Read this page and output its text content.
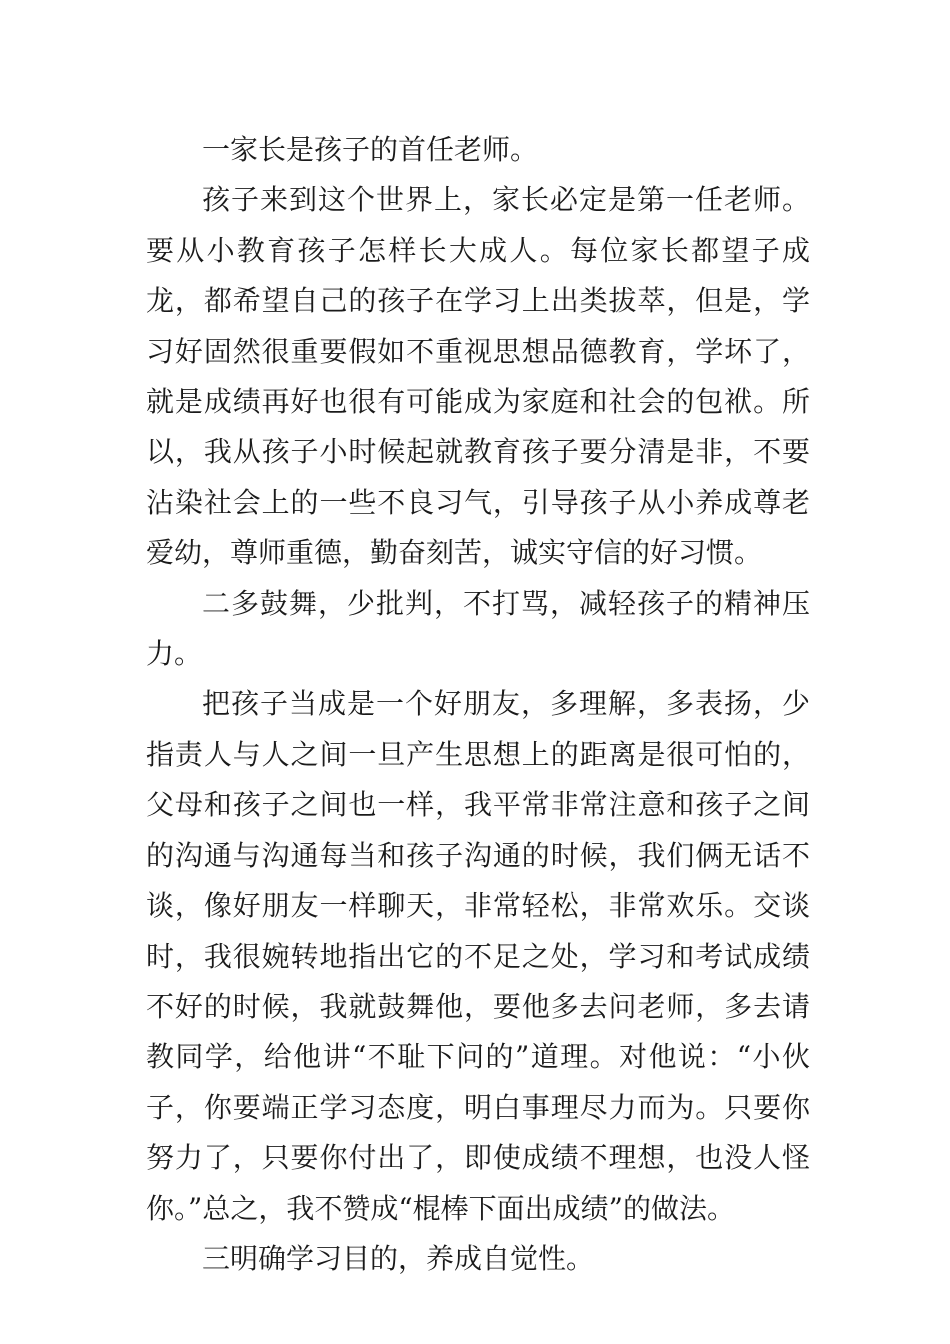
一家长是孩子的首任老师。

孩子来到这个世界上，家长必定是第一任老师。要从小教育孩子怎样长大成人。每位家长都望子成龙，都希望自己的孩子在学习上出类拔萃，但是，学习好固然很重要假如不重视思想品德教育，学坏了，就是成绩再好也很有可能成为家庭和社会的包袱。所以，我从孩子小时候起就教育孩子要分清是非，不要沾染社会上的一些不良习气，引导孩子从小养成尊老爱幼，尊师重德，勤奋刻苦，诚实守信的好习惯。

二多鼓舞，少批判，不打骂，减轻孩子的精神压力。

把孩子当成是一个好朋友，多理解，多表扬，少指责人与人之间一旦产生思想上的距离是很可怕的，父母和孩子之间也一样，我平常非常注意和孩子之间的沟通与沟通每当和孩子沟通的时候，我们俩无话不谈，像好朋友一样聊天，非常轻松，非常欢乐。交谈时，我很婉转地指出它的不足之处，学习和考试成绩不好的时候，我就鼓舞他，要他多去问老师，多去请教同学，给他讲“不耻下问的”道理。对他说：“小伙子，你要端正学习态度，明白事理尽力而为。只要你努力了，只要你付出了，即使成绩不理想，也没人怪你。”总之，我不赞成“棍棒下面出成绩”的做法。

三明确学习目的，养成自觉性。
